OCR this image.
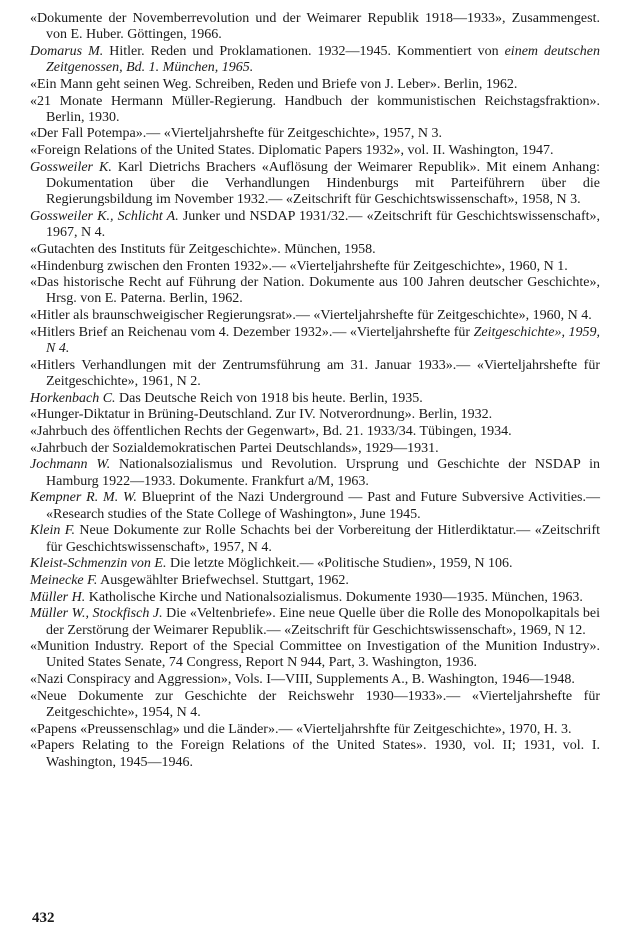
«Dokumente der Novemberrevolution und der Weimarer Republik 1918—1933», Zusammengest. von E. Huber. Göttingen, 1966.
Domarus M. Hitler. Reden und Proklamationen. 1932—1945. Kommentiert von einem deutschen Zeitgenossen, Bd. 1. München, 1965.
«Ein Mann geht seinen Weg. Schreiben, Reden und Briefe von J. Leber». Berlin, 1962.
«21 Monate Hermann Müller-Regierung. Handbuch der kommunistischen Reichstagsfraktion». Berlin, 1930.
«Der Fall Potempa».— «Vierteljahrshefte für Zeitgeschichte», 1957, N 3.
«Foreign Relations of the United States. Diplomatic Papers 1932», vol. II. Washington, 1947.
Gossweiler K. Karl Dietrichs Brachers «Auflösung der Weimarer Republik». Mit einem Anhang: Dokumentation über die Verhandlungen Hindenburgs mit Parteiführern über die Regierungsbildung im November 1932.— «Zeitschrift für Geschichtswissenschaft», 1958, N 3.
Gossweiler K., Schlicht A. Junker und NSDAP 1931/32.— «Zeitschrift für Geschichtswissenschaft», 1967, N 4.
«Gutachten des Instituts für Zeitgeschichte». München, 1958.
«Hindenburg zwischen den Fronten 1932».— «Vierteljahrshefte für Zeitgeschichte», 1960, N 1.
«Das historische Recht auf Führung der Nation. Dokumente aus 100 Jahren deutscher Geschichte», Hrsg. von E. Paterna. Berlin, 1962.
«Hitler als braunschweigischer Regierungsrat».— «Vierteljahrshefte für Zeitgeschichte», 1960, N 4.
«Hitlers Brief an Reichenau vom 4. Dezember 1932».— «Vierteljahrshefte für Zeitgeschichte», 1959, N 4.
«Hitlers Verhandlungen mit der Zentrumsführung am 31. Januar 1933».— «Vierteljahrshefte für Zeitgeschichte», 1961, N 2.
Horkenbach C. Das Deutsche Reich von 1918 bis heute. Berlin, 1935.
«Hunger-Diktatur in Brüning-Deutschland. Zur IV. Notverordnung». Berlin, 1932.
«Jahrbuch des öffentlichen Rechts der Gegenwart», Bd. 21. 1933/34. Tübingen, 1934.
«Jahrbuch der Sozialdemokratischen Partei Deutschlands», 1929—1931.
Jochmann W. Nationalsozialismus und Revolution. Ursprung und Geschichte der NSDAP in Hamburg 1922—1933. Dokumente. Frankfurt a/M, 1963.
Kempner R. M. W. Blueprint of the Nazi Underground — Past and Future Subversive Activities.— «Research studies of the State College of Washington», June 1945.
Klein F. Neue Dokumente zur Rolle Schachts bei der Vorbereitung der Hitlerdiktatur.— «Zeitschrift für Geschichtswissenschaft», 1957, N 4.
Kleist-Schmenzin von E. Die letzte Möglichkeit.— «Politische Studien», 1959, N 106.
Meinecke F. Ausgewählter Briefwechsel. Stuttgart, 1962.
Müller H. Katholische Kirche und Nationalsozialismus. Dokumente 1930—1935. München, 1963.
Müller W., Stockfisch J. Die «Veltenbriefe». Eine neue Quelle über die Rolle des Monopolkapitals bei der Zerstörung der Weimarer Republik.— «Zeitschrift für Geschichtswissenschaft», 1969, N 12.
«Munition Industry. Report of the Special Committee on Investigation of the Munition Industry». United States Senate, 74 Congress, Report N 944, Part, 3. Washington, 1936.
«Nazi Conspiracy and Aggression», Vols. I—VIII, Supplements A., B. Washington, 1946—1948.
«Neue Dokumente zur Geschichte der Reichswehr 1930—1933».— «Vierteljahrshefte für Zeitgeschichte», 1954, N 4.
«Papens «Preussenschlag» und die Länder».— «Vierteljahrshfte für Zeitgeschichte», 1970, H. 3.
«Papers Relating to the Foreign Relations of the United States». 1930, vol. II; 1931, vol. I. Washington, 1945—1946.
432
